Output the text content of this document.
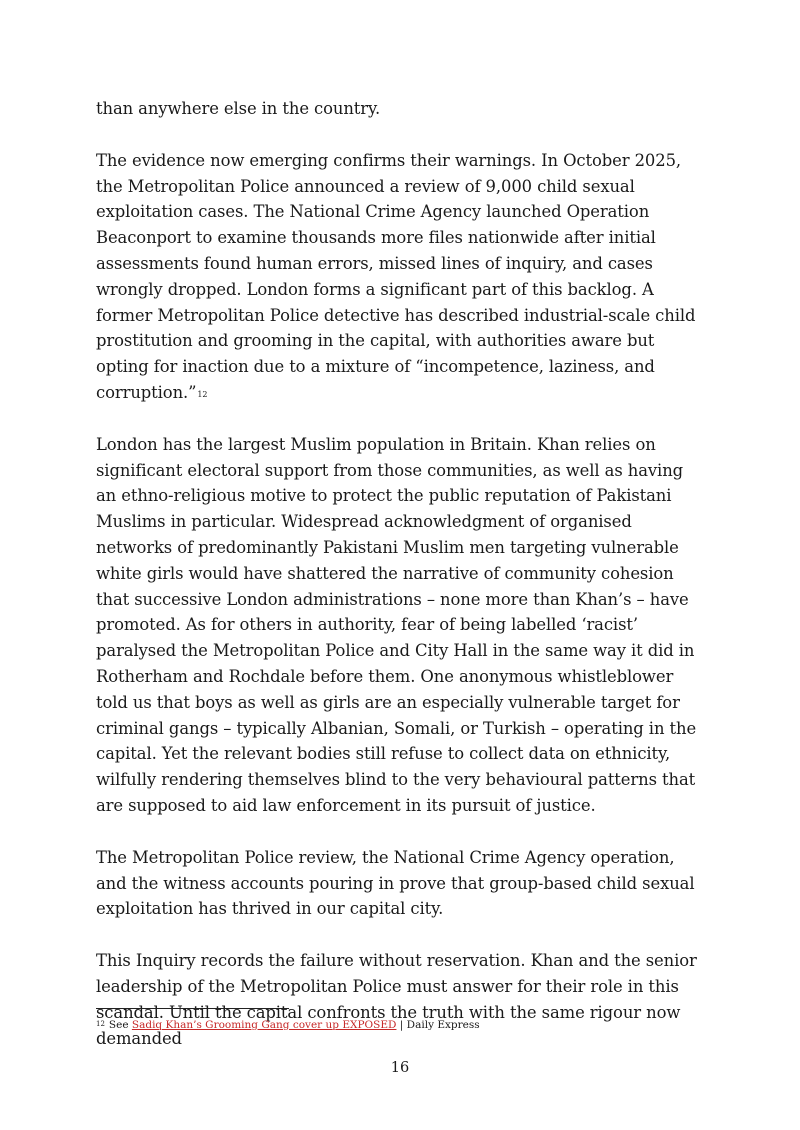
than anywhere else in the country.

The evidence now emerging confirms their warnings. In October 2025, the Metropolitan Police announced a review of 9,000 child sexual exploitation cases. The National Crime Agency launched Operation Beaconport to examine thousands more files nationwide after initial assessments found human errors, missed lines of inquiry, and cases wrongly dropped. London forms a significant part of this backlog. A former Metropolitan Police detective has described industrial-scale child prostitution and grooming in the capital, with authorities aware but opting for inaction due to a mixture of “incompetence, laziness, and corruption.”$^{12}$

London has the largest Muslim population in Britain. Khan relies on significant electoral support from those communities, as well as having an ethno-religious motive to protect the public reputation of Pakistani Muslims in particular. Widespread acknowledgment of organised networks of predominantly Pakistani Muslim men targeting vulnerable white girls would have shattered the narrative of community cohesion that successive London administrations – none more than Khan’s – have promoted. As for others in authority, fear of being labelled ‘racist’ paralysed the Metropolitan Police and City Hall in the same way it did in Rotherham and Rochdale before them. One anonymous whistleblower told us that boys as well as girls are an especially vulnerable target for criminal gangs – typically Albanian, Somali, or Turkish – operating in the capital. Yet the relevant bodies still refuse to collect data on ethnicity, wilfully rendering themselves blind to the very behavioural patterns that are supposed to aid law enforcement in its pursuit of justice.

The Metropolitan Police review, the National Crime Agency operation, and the witness accounts pouring in prove that group-based child sexual exploitation has thrived in our capital city.

This Inquiry records the failure without reservation. Khan and the senior leadership of the Metropolitan Police must answer for their role in this scandal. Until the capital confronts the truth with the same rigour now demanded

$^{12}$ See Sadiq Khan’s Grooming Gang cover up EXPOSED | Daily Express
16
